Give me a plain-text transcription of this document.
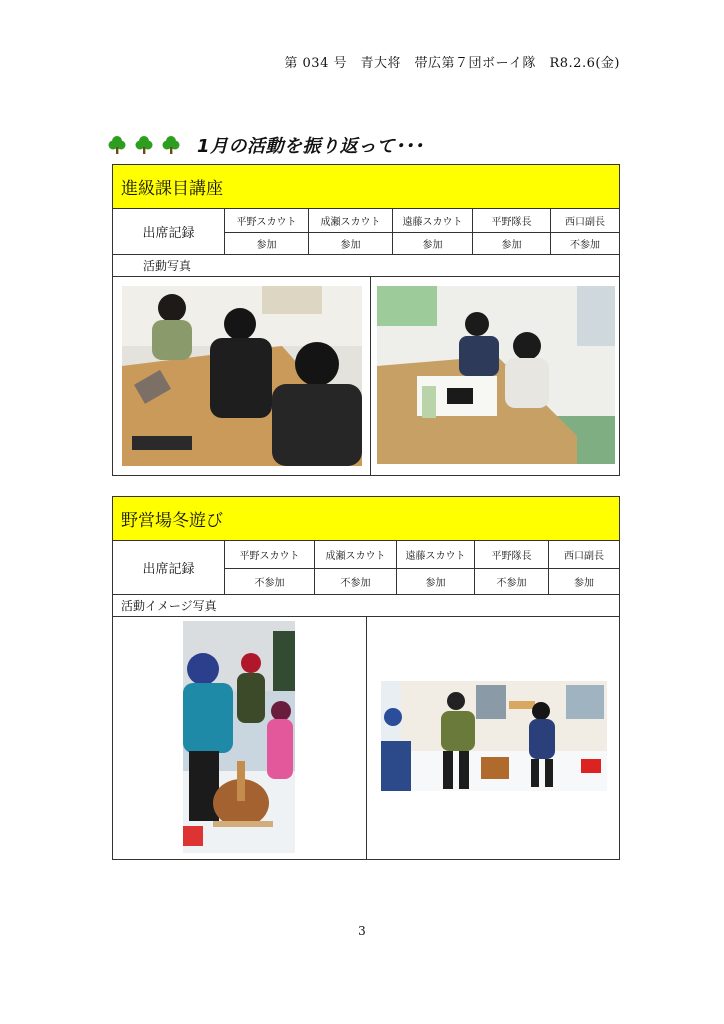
第 034 号　青大将　帯広第７団ボーイ隊　R8.2.6(金)
1月の活動を振り返って･･･
進級課目講座
出席記録
平野スカウト	成瀬スカウト	遠藤スカウト	平野隊長	西口副長
参加	参加	参加	参加	不参加
活動写真
野営場冬遊び
出席記録
平野スカウト	成瀬スカウト	遠藤スカウト	平野隊長	西口副長
不参加	不参加	参加	不参加	参加
活動イメージ写真
3
